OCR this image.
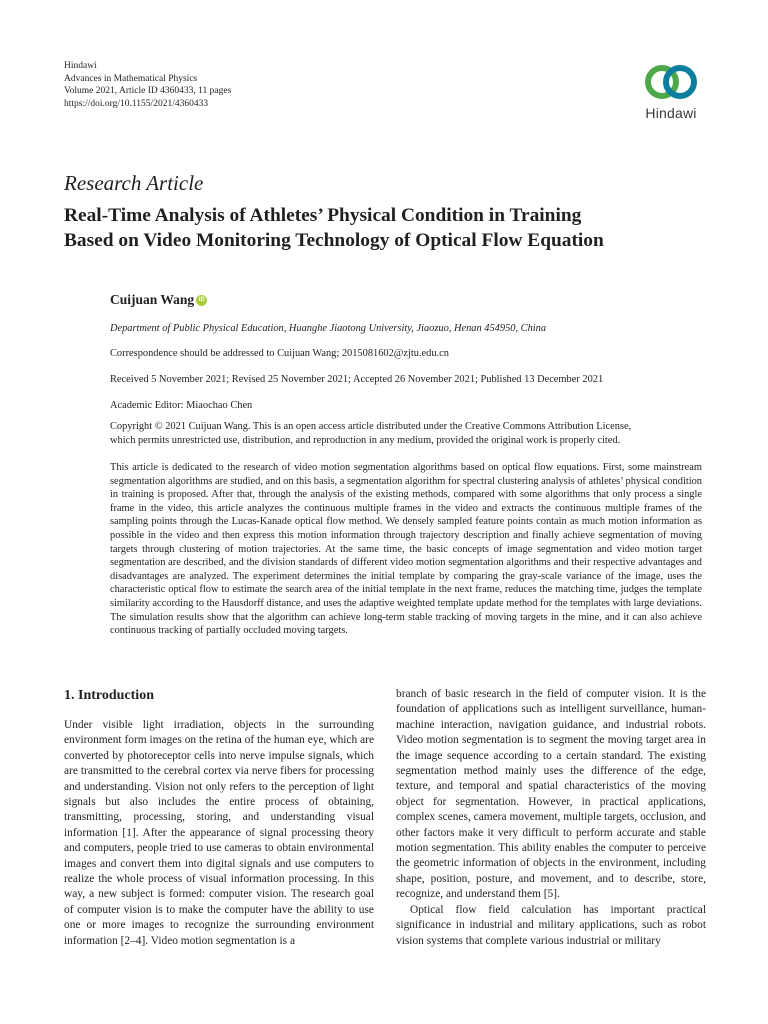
Hindawi
Advances in Mathematical Physics
Volume 2021, Article ID 4360433, 11 pages
https://doi.org/10.1155/2021/4360433
Hindawi
Research Article
Real-Time Analysis of Athletes’ Physical Condition in Training
Based on Video Monitoring Technology of Optical Flow Equation
Cuijuan Wang iD
Department of Public Physical Education, Huanghe Jiaotong University, Jiaozuo, Henan 454950, China
Correspondence should be addressed to Cuijuan Wang; 2015081602@zjtu.edu.cn
Received 5 November 2021; Revised 25 November 2021; Accepted 26 November 2021; Published 13 December 2021
Academic Editor: Miaochao Chen
Copyright © 2021 Cuijuan Wang. This is an open access article distributed under the Creative Commons Attribution License,
which permits unrestricted use, distribution, and reproduction in any medium, provided the original work is properly cited.

This article is dedicated to the research of video motion segmentation algorithms based on optical flow equations. First, some mainstream segmentation algorithms are studied, and on this basis, a segmentation algorithm for spectral clustering analysis of athletes’ physical condition in training is proposed. After that, through the analysis of the existing methods, compared with some algorithms that only process a single frame in the video, this article analyzes the continuous multiple frames in the video and extracts the continuous multiple frames of the sampling points through the Lucas-Kanade optical flow method. We densely sampled feature points contain as much motion information as possible in the video and then express this motion information through trajectory description and finally achieve segmentation of moving targets through clustering of motion trajectories. At the same time, the basic concepts of image segmentation and video motion target segmentation are described, and the division standards of different video motion segmentation algorithms and their respective advantages and disadvantages are analyzed. The experiment determines the initial template by comparing the gray-scale variance of the image, uses the characteristic optical flow to estimate the search area of the initial template in the next frame, reduces the matching time, judges the template similarity according to the Hausdorff distance, and uses the adaptive weighted template update method for the templates with large deviations. The simulation results show that the algorithm can achieve long-term stable tracking of moving targets in the mine, and it can also achieve continuous tracking of partially occluded moving targets.

1. Introduction

Under visible light irradiation, objects in the surrounding environment form images on the retina of the human eye, which are converted by photoreceptor cells into nerve impulse signals, which are transmitted to the cerebral cortex via nerve fibers for processing and understanding. Vision not only refers to the perception of light signals but also includes the entire process of obtaining, transmitting, processing, storing, and understanding visual information [1]. After the appearance of signal processing theory and computers, people tried to use cameras to obtain environmental images and convert them into digital signals and use computers to realize the whole process of visual information processing. In this way, a new subject is formed: computer vision. The research goal of computer vision is to make the computer have the ability to use one or more images to recognize the surrounding environment information [2–4]. Video motion segmentation is a

branch of basic research in the field of computer vision. It is the foundation of applications such as intelligent surveillance, human-machine interaction, navigation guidance, and industrial robots. Video motion segmentation is to segment the moving target area in the image sequence according to a certain standard. The existing segmentation method mainly uses the difference of the edge, texture, and temporal and spatial characteristics of the moving object for segmentation. However, in practical applications, complex scenes, camera movement, multiple targets, occlusion, and other factors make it very difficult to perform accurate and stable motion segmentation. This ability enables the computer to perceive the geometric information of objects in the environment, including shape, position, posture, and movement, and to describe, store, recognize, and understand them [5].

Optical flow field calculation has important practical significance in industrial and military applications, such as robot vision systems that complete various industrial or military
